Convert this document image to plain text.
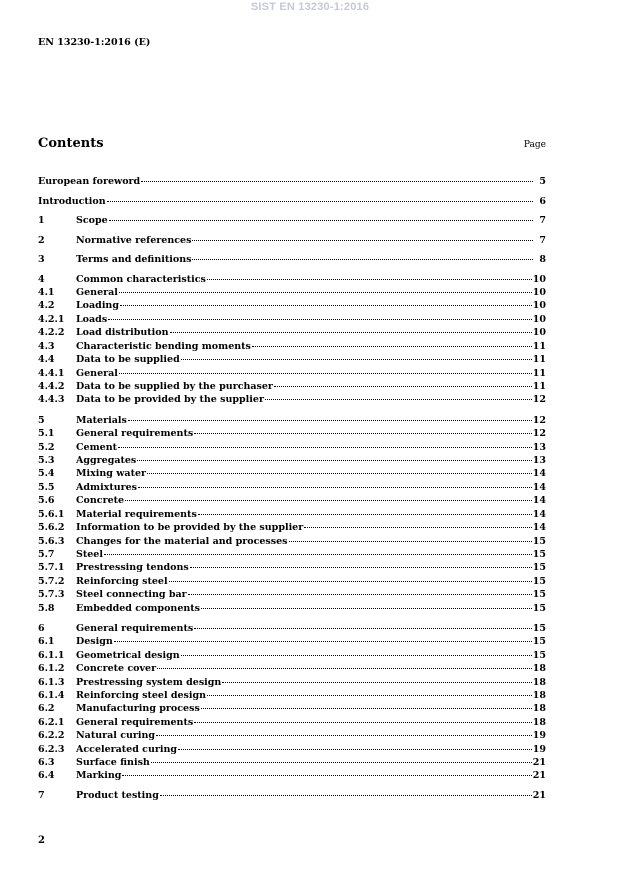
SIST EN 13230-1:2016
EN 13230-1:2016 (E)
Contents	Page
European foreword	5
Introduction	6
1	Scope	7
2	Normative references	7
3	Terms and definitions	8
4	Common characteristics	10
4.1	General	10
4.2	Loading	10
4.2.1	Loads	10
4.2.2	Load distribution	10
4.3	Characteristic bending moments	11
4.4	Data to be supplied	11
4.4.1	General	11
4.4.2	Data to be supplied by the purchaser	11
4.4.3	Data to be provided by the supplier	12
5	Materials	12
5.1	General requirements	12
5.2	Cement	13
5.3	Aggregates	13
5.4	Mixing water	14
5.5	Admixtures	14
5.6	Concrete	14
5.6.1	Material requirements	14
5.6.2	Information to be provided by the supplier	14
5.6.3	Changes for the material and processes	15
5.7	Steel	15
5.7.1	Prestressing tendons	15
5.7.2	Reinforcing steel	15
5.7.3	Steel connecting bar	15
5.8	Embedded components	15
6	General requirements	15
6.1	Design	15
6.1.1	Geometrical design	15
6.1.2	Concrete cover	18
6.1.3	Prestressing system design	18
6.1.4	Reinforcing steel design	18
6.2	Manufacturing process	18
6.2.1	General requirements	18
6.2.2	Natural curing	19
6.2.3	Accelerated curing	19
6.3	Surface finish	21
6.4	Marking	21
7	Product testing	21
2
